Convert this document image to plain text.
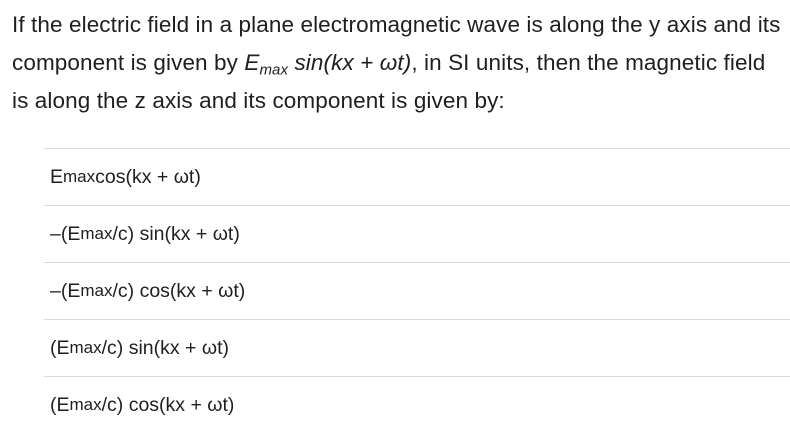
If the electric field in a plane electromagnetic wave is along the y axis and its component is given by $E_{max}$ sin(kx + ωt), in SI units, then the magnetic field is along the z axis and its component is given by:
E max cos(kx + ωt)
–(E max /c) sin(kx + ωt)
–(E max /c) cos(kx + ωt)
(E max /c) sin(kx + ωt)
(E max /c) cos(kx + ωt)
